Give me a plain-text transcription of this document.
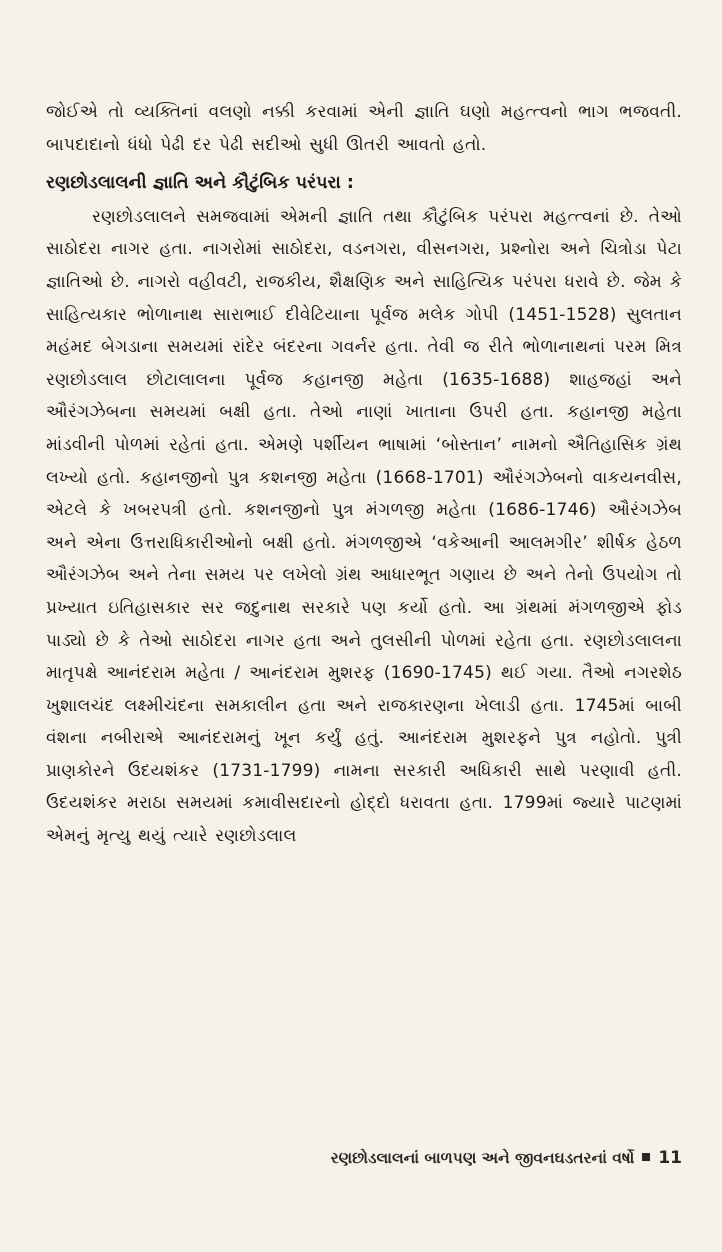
જોઈએ તો વ્યક્તિનાં વલણો નક્કી કરવામાં એની જ્ઞાતિ ઘણો મહત્ત્વનો ભાગ ભજવતી. બાપદાદાનો ધંધો પેઢી દર પેઢી સદીઓ સુધી ઊતરી આવતો હતો.

રણછોડલાલની જ્ઞાતિ અને કૌટુંબિક પરંપરા :

રણછોડલાલને સમજવામાં એમની જ્ઞાતિ તથા કૌટુંબિક પરંપરા મહત્ત્વનાં છે. તેઓ સાઠોદરા નાગર હતા. નાગરોમાં સાઠોદરા, વડનગરા, વીસનગરા, પ્રશ્નોરા અને ચિત્રોડા પેટા જ્ઞાતિઓ છે. નાગરો વહીવટી, રાજકીય, શૈક્ષણિક અને સાહિત્યિક પરંપરા ધરાવે છે. જેમ કે સાહિત્યકાર ભોળાનાથ સારાભાઈ દીવેટિયાના પૂર્વજ મલેક ગોપી (1451-1528) સુલતાન મહંમદ બેગડાના સમયમાં રાંદેર બંદરના ગવર્નર હતા. તેવી જ રીતે ભોળાનાથનાં પરમ મિત્ર રણછોડલાલ છોટાલાલના પૂર્વજ કહાનજી મહેતા (1635-1688) શાહજહાં અને ઔરંગઝેબના સમયમાં બક્ષી હતા. તેઓ નાણાં ખાતાના ઉપરી હતા. કહાનજી મહેતા માંડવીની પોળમાં રહેતાં હતા. એમણે પર્શીયન ભાષામાં ‘બોસ્તાન’ નામનો ઐતિહાસિક ગ્રંથ લખ્યો હતો. કહાનજીનો પુત્ર કશનજી મહેતા (1668-1701) ઔરંગઝેબનો વાકયનવીસ, એટલે કે ખબરપત્રી હતો. કશનજીનો પુત્ર મંગળજી મહેતા (1686-1746) ઔરંગઝેબ અને એના ઉત્તરાધિકારીઓનો બક્ષી હતો. મંગળજીએ ‘વકેઆની આલમગીર’ શીર્ષક હેઠળ ઔરંગઝેબ અને તેના સમય પર લખેલો ગ્રંથ આધારભૂત ગણાય છે અને તેનો ઉપયોગ તો પ્રખ્યાત ઇતિહાસકાર સર જદુનાથ સરકારે પણ કર્યો હતો. આ ગ્રંથમાં મંગળજીએ ફોડ પાડ્યો છે કે તેઓ સાઠોદરા નાગર હતા અને તુલસીની પોળમાં રહેતા હતા. રણછોડલાલના માતૃપક્ષે આનંદરામ મહેતા / આનંદરામ મુશરફ (1690-1745) થઈ ગયા. તૈઓ નગરશેઠ ખુશાલચંદ લક્ષ્મીચંદના સમકાલીન હતા અને રાજકારણના ખેલાડી હતા. 1745માં બાબી વંશના નબીરાએ આનંદરામનું ખૂન કર્યું હતું. આનંદરામ મુશરફને પુત્ર નહોતો. પુત્રી પ્રાણકોરને ઉદયશંકર (1731-1799) નામના સરકારી અધિકારી સાથે પરણાવી હતી. ઉદયશંકર મરાઠા સમયમાં કમાવીસદારનો હોદ્દો ધરાવતા હતા. 1799માં જ્યારે પાટણમાં એમનું મૃત્યુ થયું ત્યારે રણછોડલાલ

રણછોડલાલનાં બાળપણ અને જીવનઘડતરનાં વર્ષો 11
